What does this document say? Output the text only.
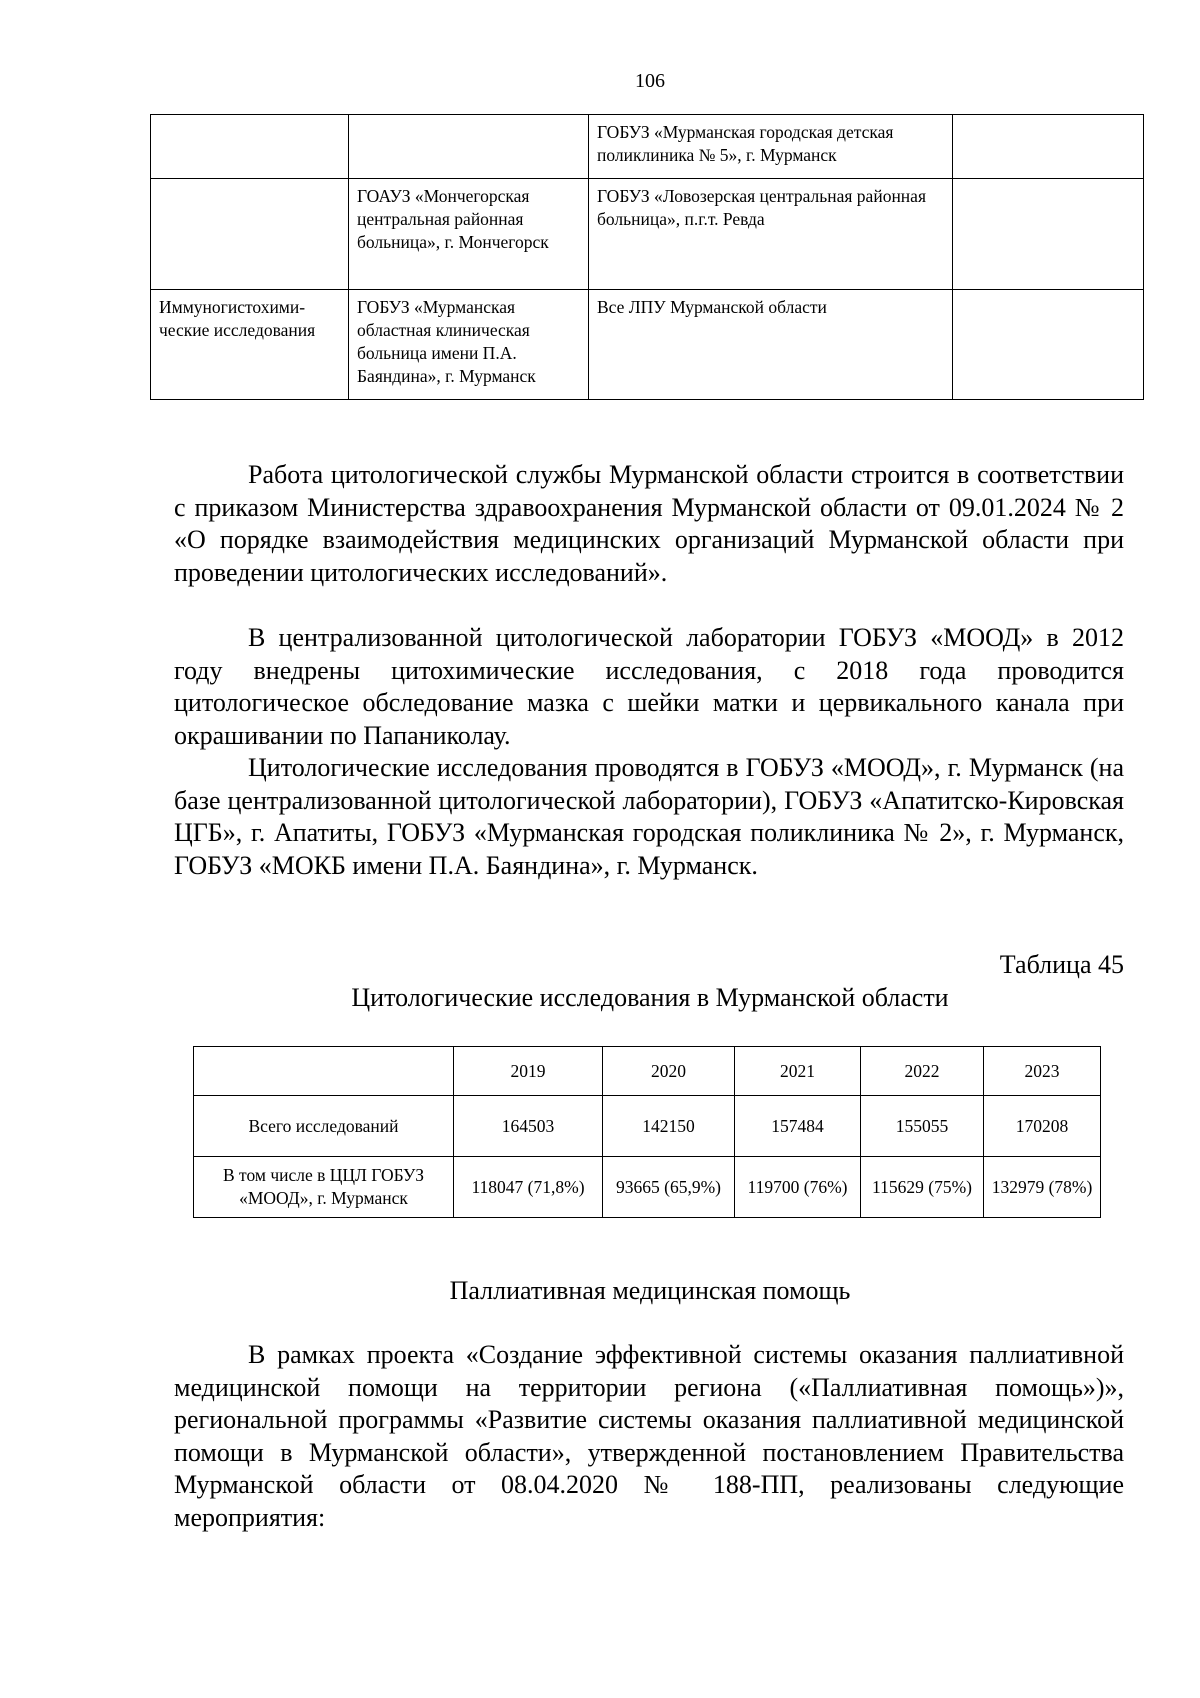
106
		ГОБУЗ «Мурманская городская детская поликлиника № 5», г. Мурманск	
	ГОАУЗ «Мончегорская центральная районная больница», г. Мончегорск	ГОБУЗ «Ловозерская центральная районная больница», п.г.т. Ревда	
Иммуногистохими-ческие исследования	ГОБУЗ «Мурманская областная клиническая больница имени П.А. Баяндина», г. Мурманск	Все ЛПУ Мурманской области	

Работа цитологической службы Мурманской области строится в соответствии с приказом Министерства здравоохранения Мурманской области от 09.01.2024 № 2 «О порядке взаимодействия медицинских организаций Мурманской области при проведении цитологических исследований».

В централизованной цитологической лаборатории ГОБУЗ «МООД» в 2012 году внедрены цитохимические исследования, с 2018 года проводится цитологическое обследование мазка с шейки матки и цервикального канала при окрашивании по Папаниколау.

Цитологические исследования проводятся в ГОБУЗ «МООД», г. Мурманск (на базе централизованной цитологической лаборатории), ГОБУЗ «Апатитско-Кировская ЦГБ», г. Апатиты, ГОБУЗ «Мурманская городская поликлиника № 2», г. Мурманск, ГОБУЗ «МОКБ имени П.А. Баяндина», г. Мурманск.

Таблица 45
Цитологические исследования в Мурманской области
	2019	2020	2021	2022	2023
Всего исследований	164503	142150	157484	155055	170208
В том числе в ЦЦЛ ГОБУЗ «МООД», г. Мурманск	118047 (71,8%)	93665 (65,9%)	119700 (76%)	115629 (75%)	132979 (78%)
Паллиативная медицинская помощь

В рамках проекта «Создание эффективной системы оказания паллиативной медицинской помощи на территории региона («Паллиативная помощь»)», региональной программы «Развитие системы оказания паллиативной медицинской помощи в Мурманской области», утвержденной постановлением Правительства Мурманской области от 08.04.2020 № 188-ПП, реализованы следующие мероприятия:
